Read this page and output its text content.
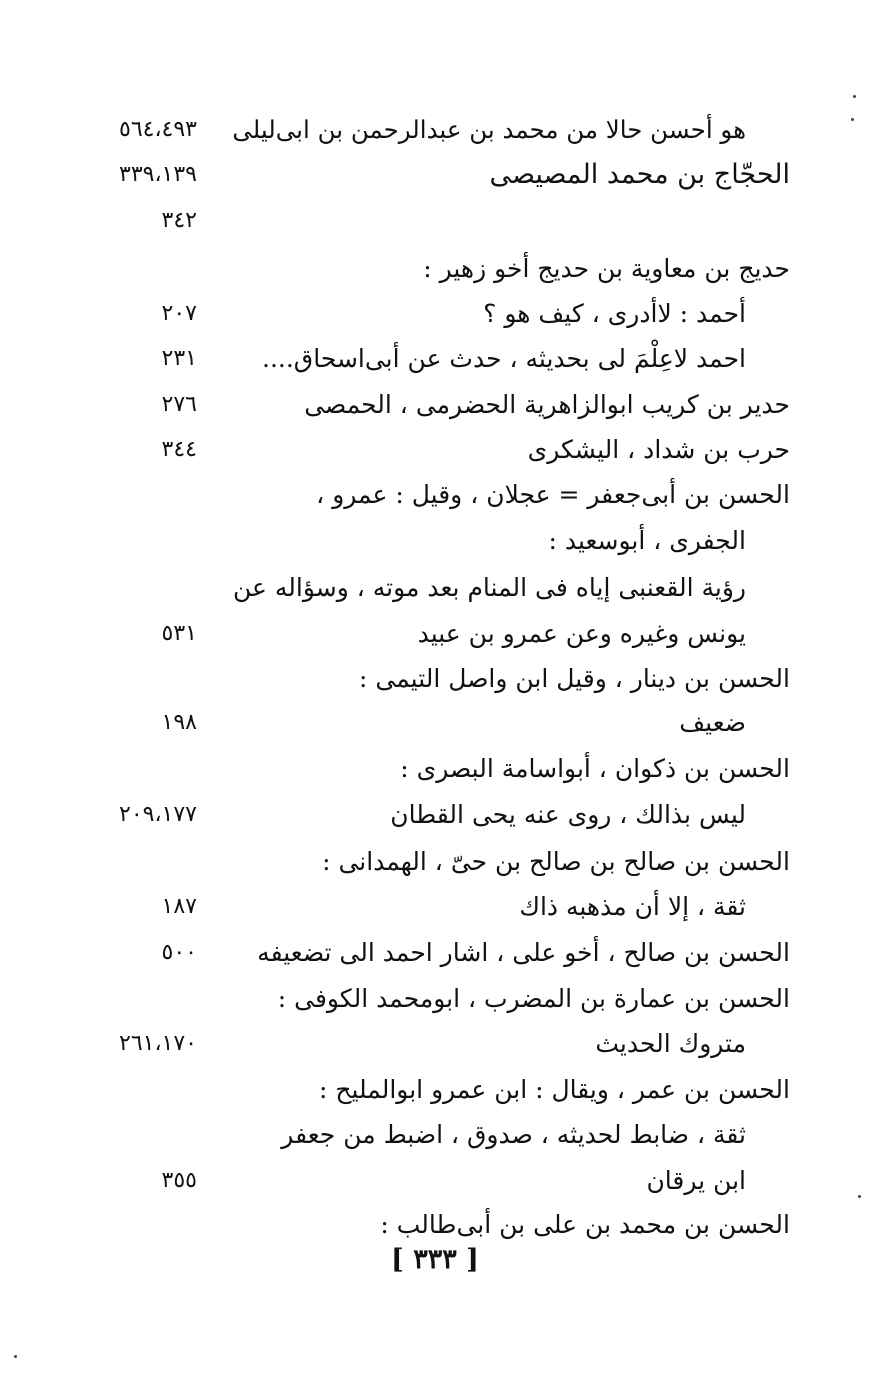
هو أحسن حالا من محمد بن عبدالرحمن بن ابى‌ليلى
٥٦٤،٤٩٣
الحجّاج بن محمد المصيصى
٣٣٩،١٣٩
٣٤٢
حديج بن معاوية بن حديج أخو زهير :
أحمد : لاأدرى ، كيف هو ؟
٢٠٧
احمد لاعِلْمَ لى بحديثه ، حدث عن أبى‌اسحاق....
٢٣١
حدير بن كريب ابوالزاهرية الحضرمى ، الحمصى
٢٧٦
حرب بن شداد ، اليشكرى
٣٤٤
الحسن بن أبى‌جعفر = عجلان ، وقيل : عمرو ،
الجفرى ، أبوسعيد :
رؤية القعنبى إياه فى المنام بعد موته ، وسؤاله عن
يونس وغيره وعن عمرو بن عبيد
٥٣١
الحسن بن دينار ، وقيل ابن واصل التيمى :
ضعيف
١٩٨
الحسن بن ذكوان ، أبواسامة البصرى :
ليس بذالك ، روى عنه يحى القطان
٢٠٩،١٧٧
الحسن بن صالح بن صالح بن حىّ ، الهمدانى :
ثقة ، إلا أن مذهبه ذاك
١٨٧
الحسن بن صالح ، أخو على ، اشار احمد الى تضعيفه
٥٠٠
الحسن بن عمارة بن المضرب ، ابومحمد الكوفى :
متروك الحديث
٢٦١،١٧٠
الحسن بن عمر ، ويقال : ابن عمرو ابوالمليح :
ثقة ، ضابط لحديثه ، صدوق ، اضبط من جعفر
ابن يرقان
٣٥٥
الحسن بن محمد بن على بن أبى‌طالب :
[ ٣٣٣ ]
